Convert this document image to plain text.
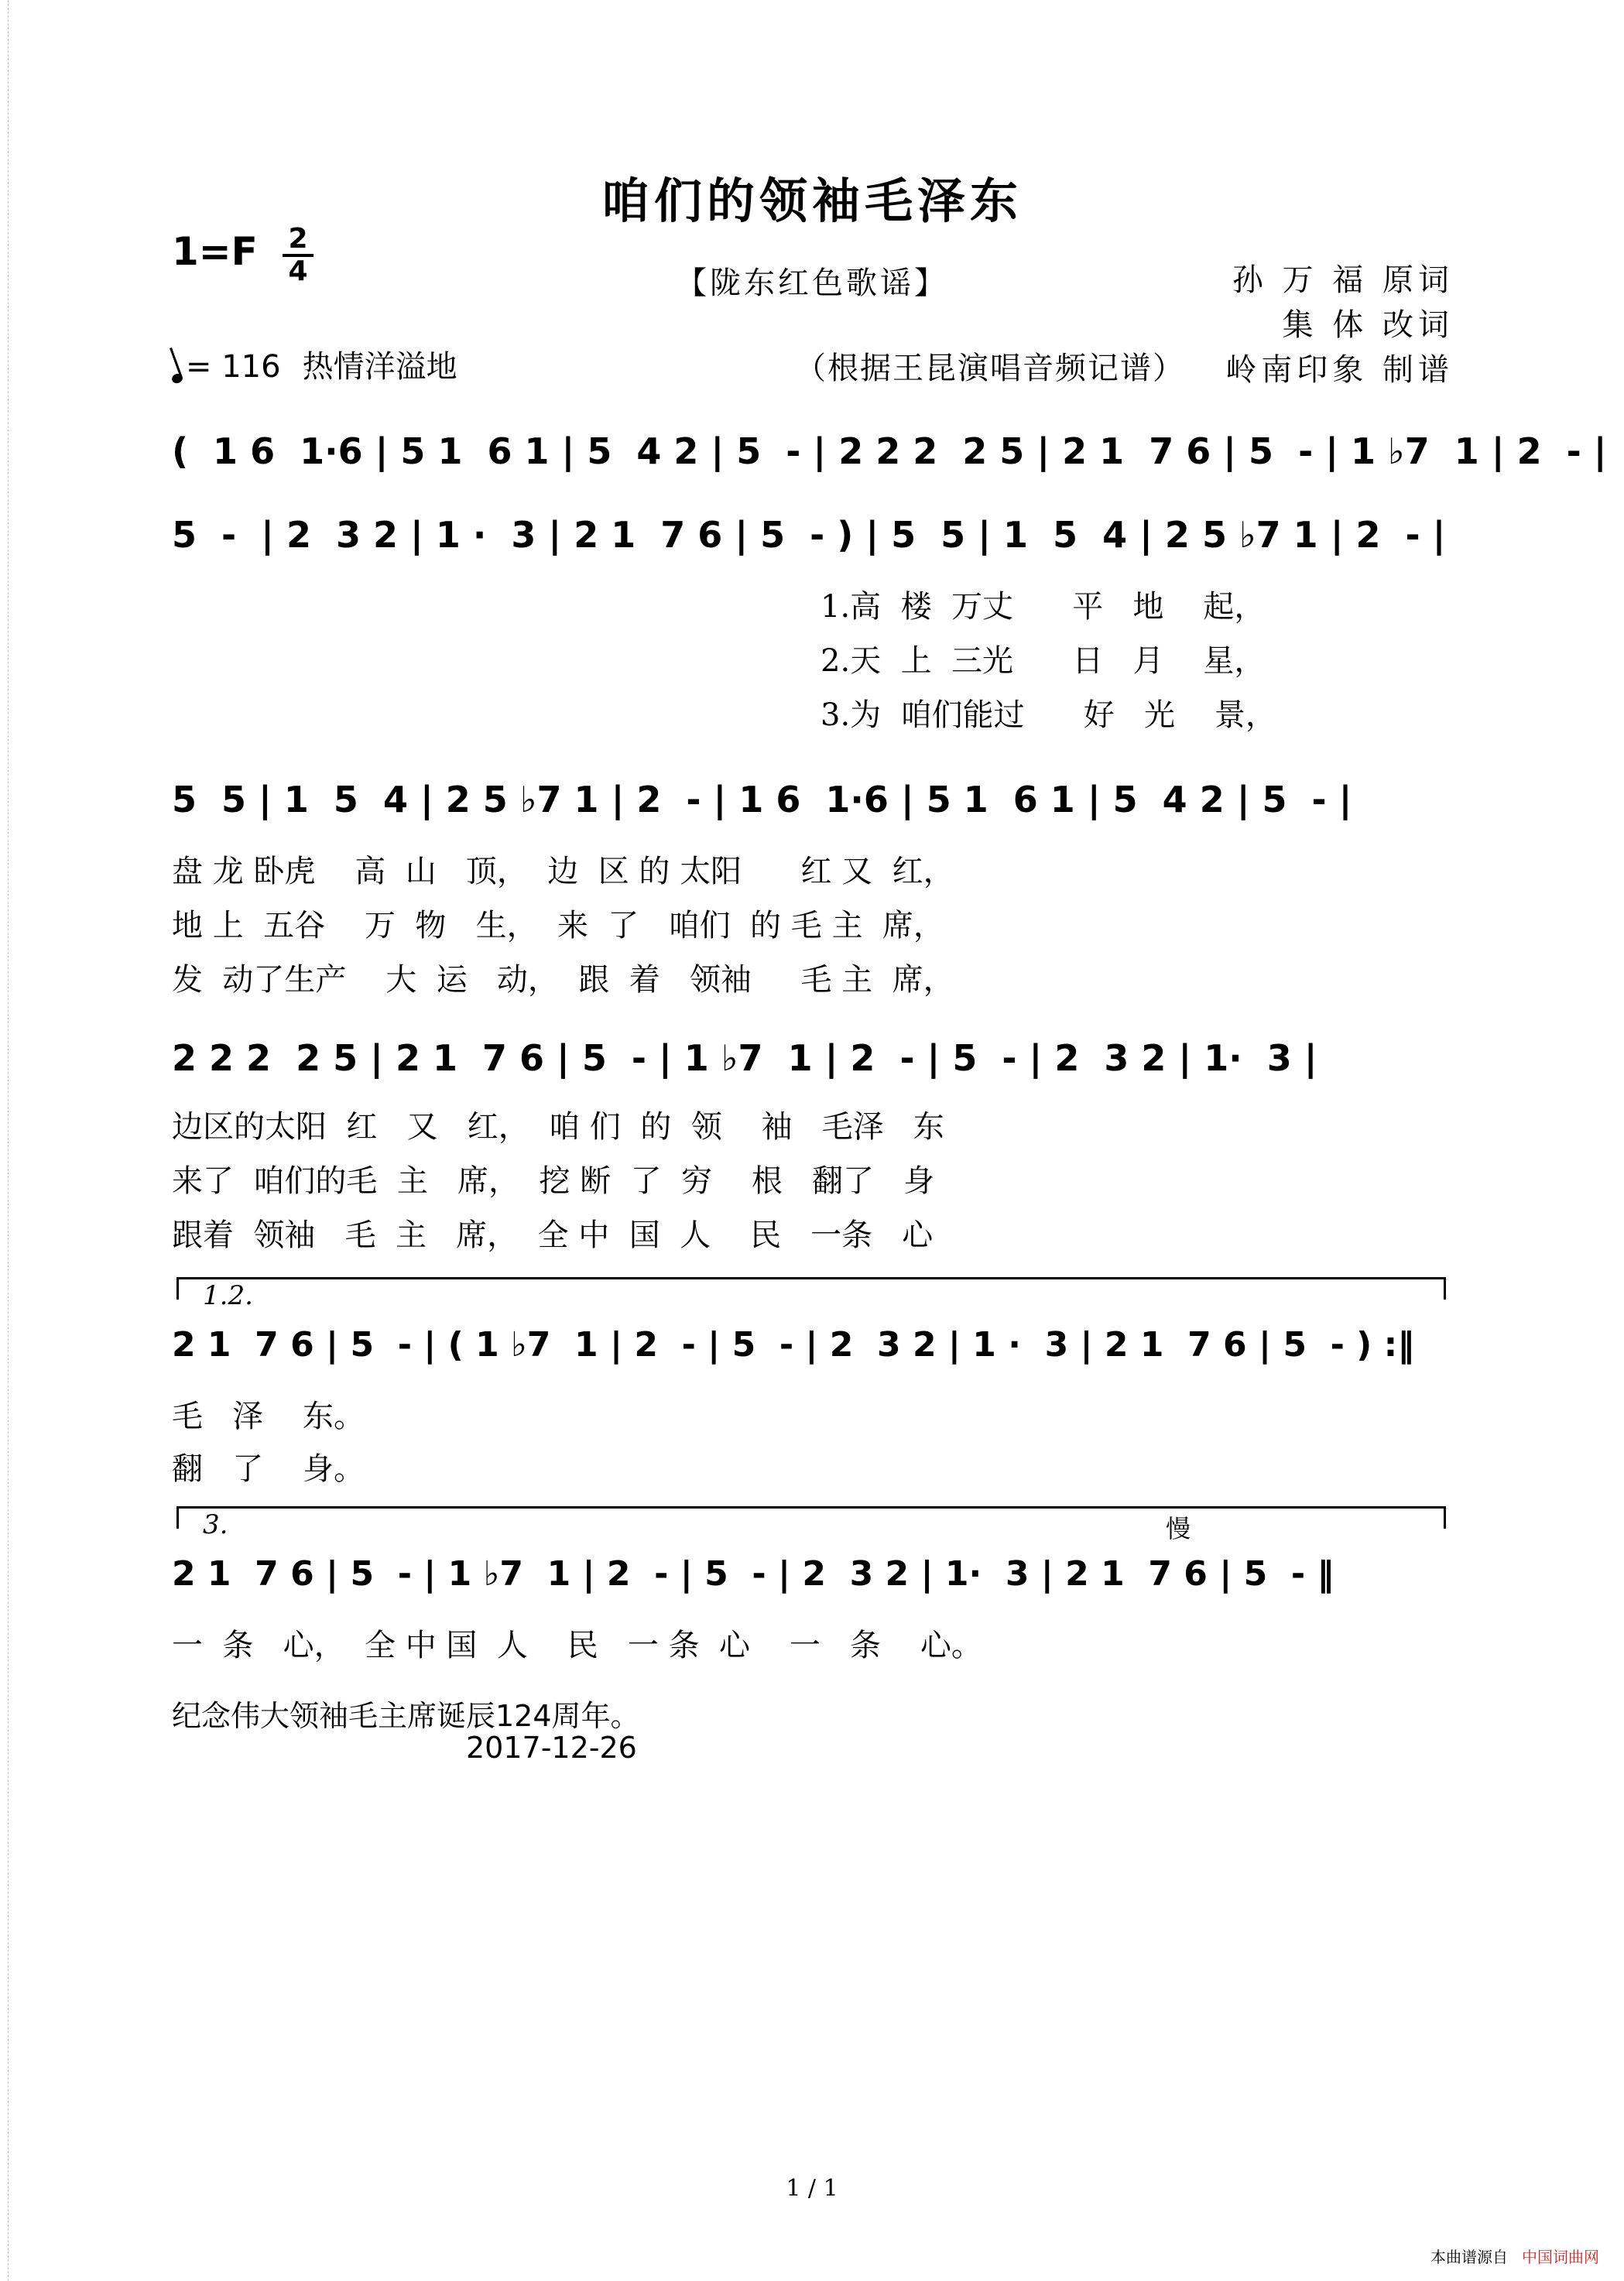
咱们的领袖毛泽东
1=F 2
4	【陇东红色歌谣】	孙 万 福 原词
集 体 改词
岭南印象 制谱
= 116 热情洋溢地	（根据王昆演唱音频记谱）
(  1 6  1·6 | 5 1  6 1 | 5  4 2 | 5  - | 2 2 2  2 5 | 2 1  7 6 | 5  - | 1 ♭7  1 | 2  - |
5  -  | 2  3 2 | 1 ·  3 | 2 1  7 6 | 5  - ) | 5  5 | 1  5  4 | 2 5 ♭7 1 | 2  - |
1.高  楼  万丈      平   地    起，
2.天  上  三光      日   月    星，
3.为  咱们能过      好   光    景，
5  5 | 1  5  4 | 2 5 ♭7 1 | 2  - | 1 6  1·6 | 5 1  6 1 | 5  4 2 | 5  - |
盘 龙 卧虎    高  山   顶，  边  区 的 太阳      红 又  红，
地 上  五谷    万  物   生，  来  了   咱们  的 毛 主  席，
发  动了生产    大  运   动，  跟  着   领袖     毛 主  席，
2 2 2  2 5 | 2 1  7 6 | 5  - | 1 ♭7  1 | 2  - | 5  - | 2  3 2 | 1·  3 |
边区的太阳  红   又   红，  咱 们  的  领    袖   毛泽   东
来了  咱们的毛  主   席，  挖 断  了  穷    根   翻了   身
跟着  领袖   毛  主   席，  全 中  国  人    民   一条   心
1.2.
2 1  7 6 | 5  - | ( 1 ♭7  1 | 2  - | 5  - | 2  3 2 | 1 ·  3 | 2 1  7 6 | 5  - ) :‖
毛   泽    东。
翻   了    身。
3.	慢
2 1  7 6 | 5  - | 1 ♭7  1 | 2  - | 5  - | 2  3 2 | 1·  3 | 2 1  7 6 | 5  - ‖
一  条   心，  全 中 国  人    民   一 条  心    一   条    心。
纪念伟大领袖毛主席诞辰124周年。
2017-12-26
1 / 1
本曲谱源自 中国词曲网
